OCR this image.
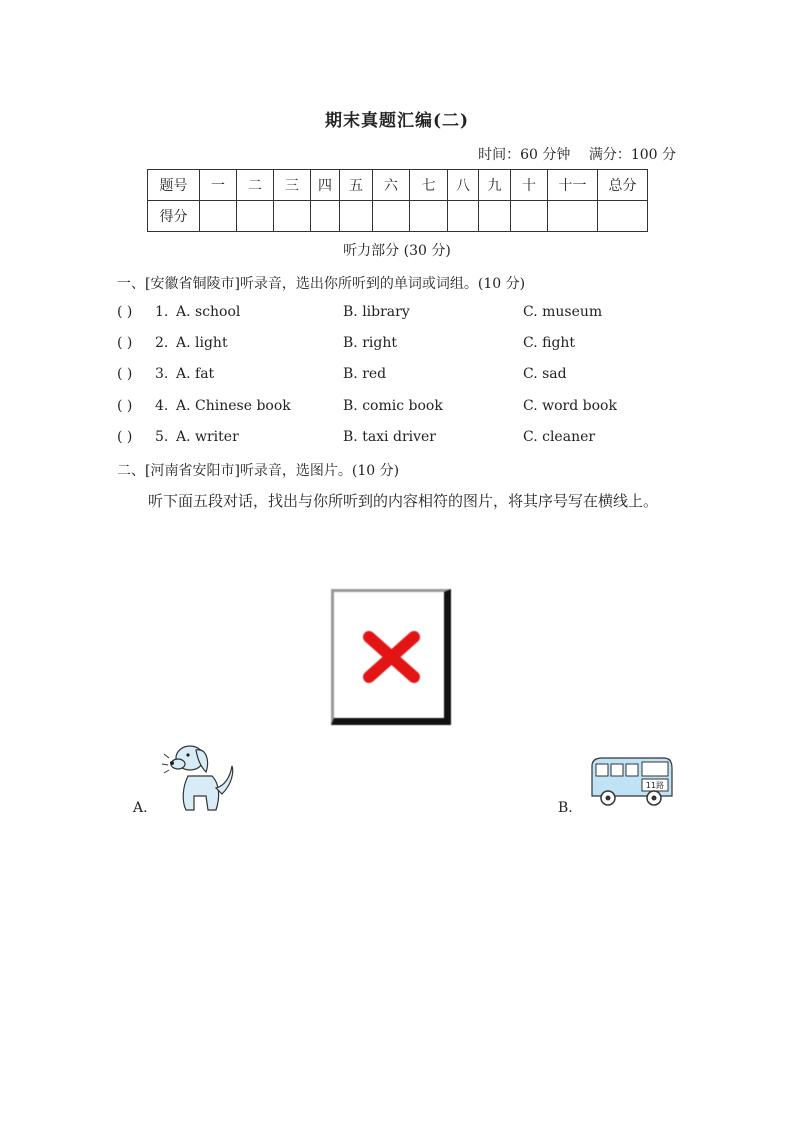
期末真题汇编(二)
时间：60 分钟 满分：100 分
题号	一	二	三	四	五	六	七	八	九	十	十一	总分
得分												
听力部分 (30 分)
一、[安徽省铜陵市]听录音，选出你所听到的单词或词组。(10 分)
( ) 1. A. school	B. library	C. museum
( ) 2. A. light	B. right	C. fight
( ) 3. A. fat	B. red	C. sad
( ) 4. A. Chinese book	B. comic book	C. word book
( ) 5. A. writer	B. taxi driver	C. cleaner
二、[河南省安阳市]听录音，选图片。(10 分)
听下面五段对话，找出与你所听到的内容相符的图片，将其序号写在横线上。
A.	B.
11路
